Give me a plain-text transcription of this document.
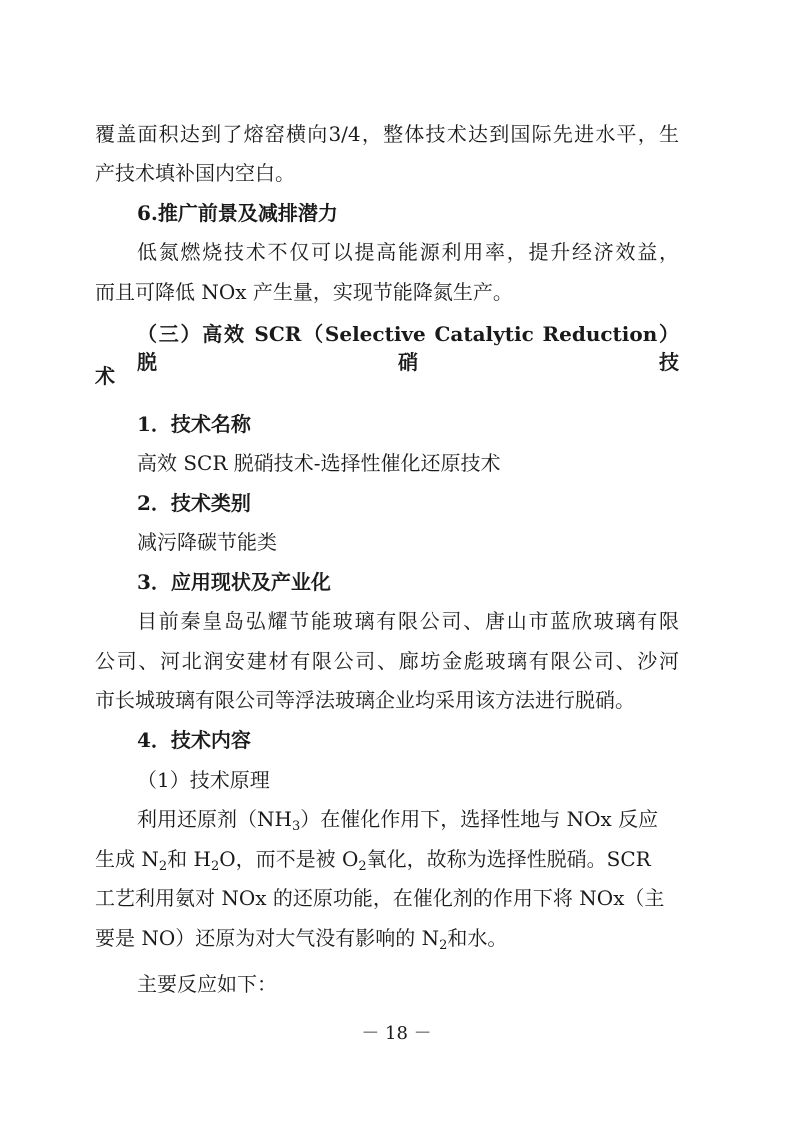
覆盖面积达到了熔窑横向3/4，整体技术达到国际先进水平，生
产技术填补国内空白。
6.推广前景及减排潜力
低氮燃烧技术不仅可以提高能源利用率，提升经济效益，
而且可降低 NOx 产生量，实现节能降氮生产。
（三）高效 SCR（Selective Catalytic Reduction）脱硝技
术
1．技术名称
高效 SCR 脱硝技术-选择性催化还原技术
2．技术类别
减污降碳节能类
3．应用现状及产业化
目前秦皇岛弘耀节能玻璃有限公司、唐山市蓝欣玻璃有限
公司、河北润安建材有限公司、廊坊金彪玻璃有限公司、沙河
市长城玻璃有限公司等浮法玻璃企业均采用该方法进行脱硝。
4．技术内容
（1）技术原理
利用还原剂$(NH_3)$在催化作用下，选择性地与 NOx 反应
生成 $N_2$和 $H_2O$，而不是被 $O_2$氧化，故称为选择性脱硝。SCR
工艺利用氨对 NOx 的还原功能，在催化剂的作用下将 NOx（主
要是 NO）还原为对大气没有影响的 $N_2$和水。
主要反应如下：
－ 18 －
